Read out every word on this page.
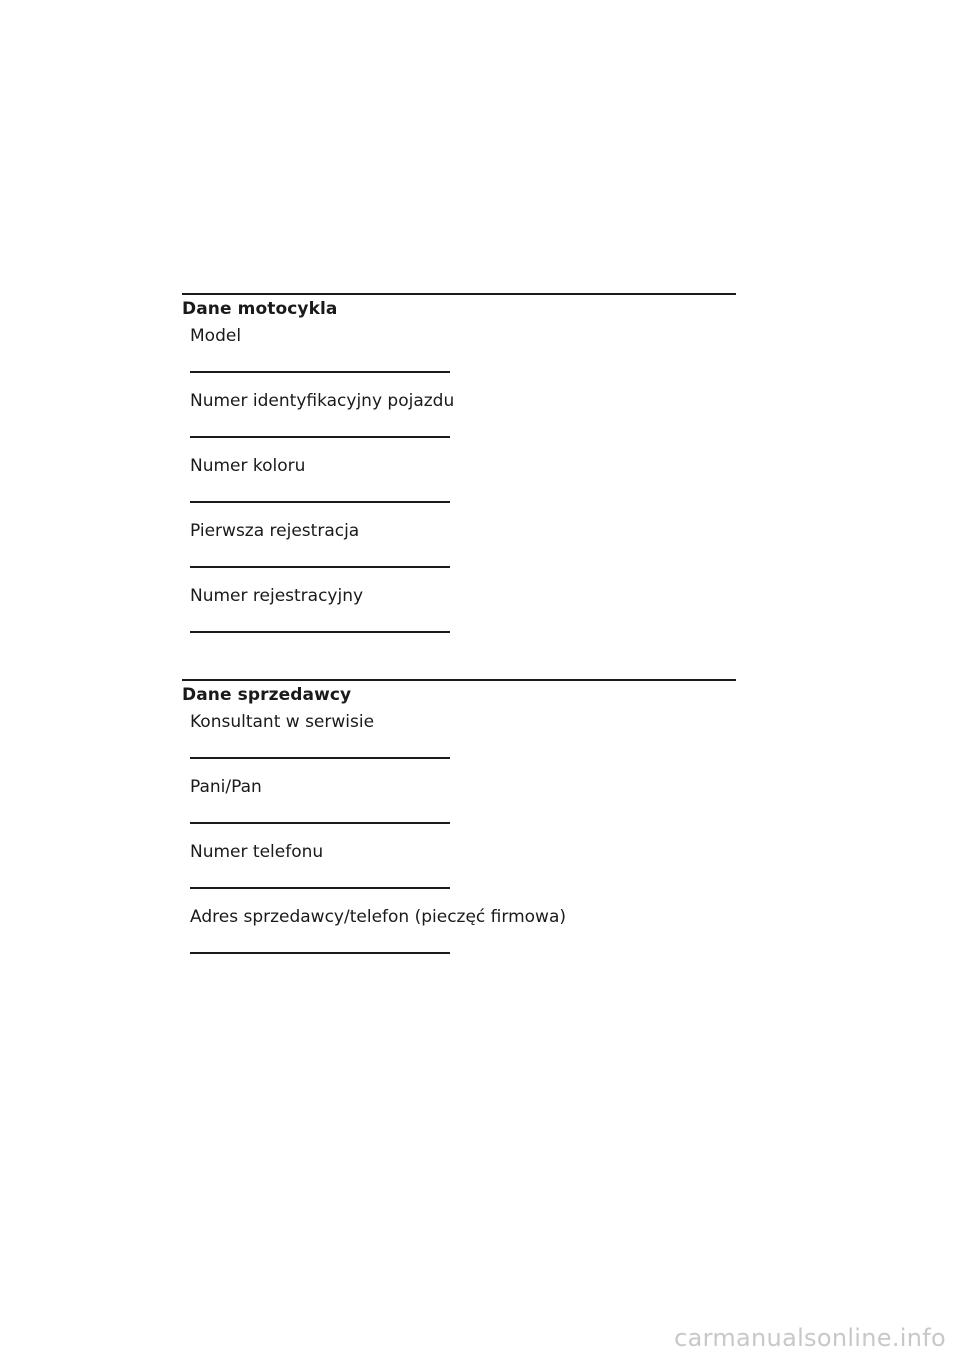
Dane motocykla
Model
Numer identyfikacyjny pojazdu
Numer koloru
Pierwsza rejestracja
Numer rejestracyjny
Dane sprzedawcy
Konsultant w serwisie
Pani/Pan
Numer telefonu
Adres sprzedawcy/telefon (pieczęć firmowa)
carmanualsonline.info
